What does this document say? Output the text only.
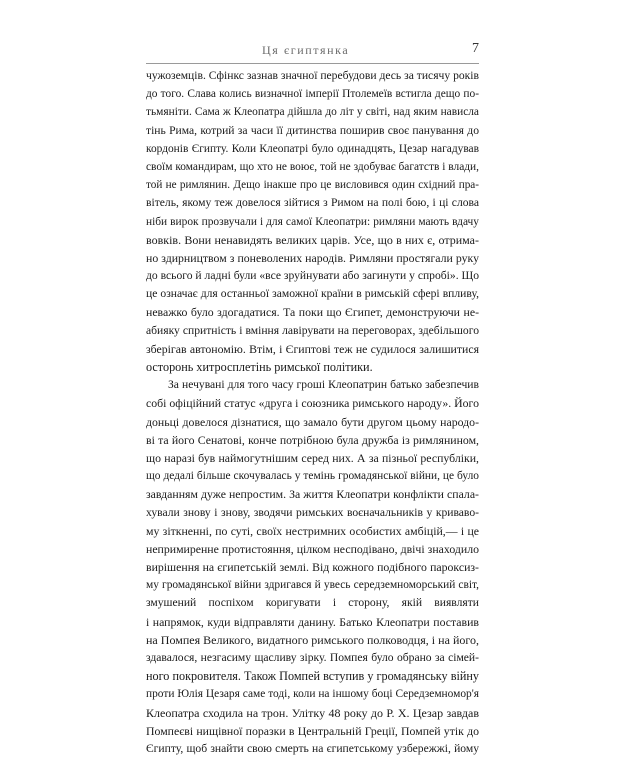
Ця єгиптянка	7
чужоземців. Сфінкс зазнав значної перебудови десь за тисячу років
до того. Слава колись визначної імперії Птолемеїв встигла дещо по-
тьмяніти. Сама ж Клеопатра дійшла до літ у світі, над яким нависла
тінь Рима, котрий за часи її дитинства поширив своє панування до
кордонів Єгипту. Коли Клеопатрі було одинадцять, Цезар нагадував
своїм командирам, що хто не воює, той не здобуває багатств і влади,
той не римлянин. Дещо інакше про це висловився один східний пра-
вітель, якому теж довелося зійтися з Римом на полі бою, і ці слова
ніби вирок прозвучали і для самої Клеопатри: римляни мають вдачу
вовків. Вони ненавидять великих царів. Усе, що в них є, отрима-
но здирництвом з поневолених народів. Римляни простягали руку
до всього й ладні були «все зруйнувати або загинути у спробі». Що
це означає для останньої заможної країни в римській сфері впливу,
неважко було здогадатися. Та поки що Єгипет, демонструючи не-
абияку спритність і вміння лавірувати на переговорах, здебільшого
зберігав автономію. Втім, і Єгиптові теж не судилося залишитися
осторонь хитросплетінь римської політики.
За нечувані для того часу гроші Клеопатрин батько забезпечив
собі офіційний статус «друга і союзника римського народу». Його
доньці довелося дізнатися, що замало бути другом цьому народо-
ві та його Сенатові, конче потрібною була дружба із римлянином,
що наразі був наймогутнішим серед них. А за пізньої республіки,
що дедалі більше скочувалась у темінь громадянської війни, це було
завданням дуже непростим. За життя Клеопатри конфлікти спала-
хували знову і знову, зводячи римських воєначальників у криваво-
му зіткненні, по суті, своїх нестримних особистих амбіцій,— і це
непримиренне протистояння, цілком несподівано, двічі знаходило
вирішення на єгипетській землі. Від кожного подібного пароксиз-
му громадянської війни здригався й увесь середземноморський світ,
змушений поспіхом коригувати і сторону, якій виявляти
і напрямок, куди відправляти данину. Батько Клеопатри поставив
на Помпея Великого, видатного римського полководця, і на його,
здавалося, незгасиму щасливу зірку. Помпея було обрано за сімей-
ного покровителя. Також Помпей вступив у громадянську війну
проти Юлія Цезаря саме тоді, коли на іншому боці Середземномор'я
Клеопатра сходила на трон. Улітку 48 року до Р. Х. Цезар завдав
Помпеєві нищівної поразки в Центральній Греції, Помпей утік до
Єгипту, щоб знайти свою смерть на єгипетському узбережжі, йому
